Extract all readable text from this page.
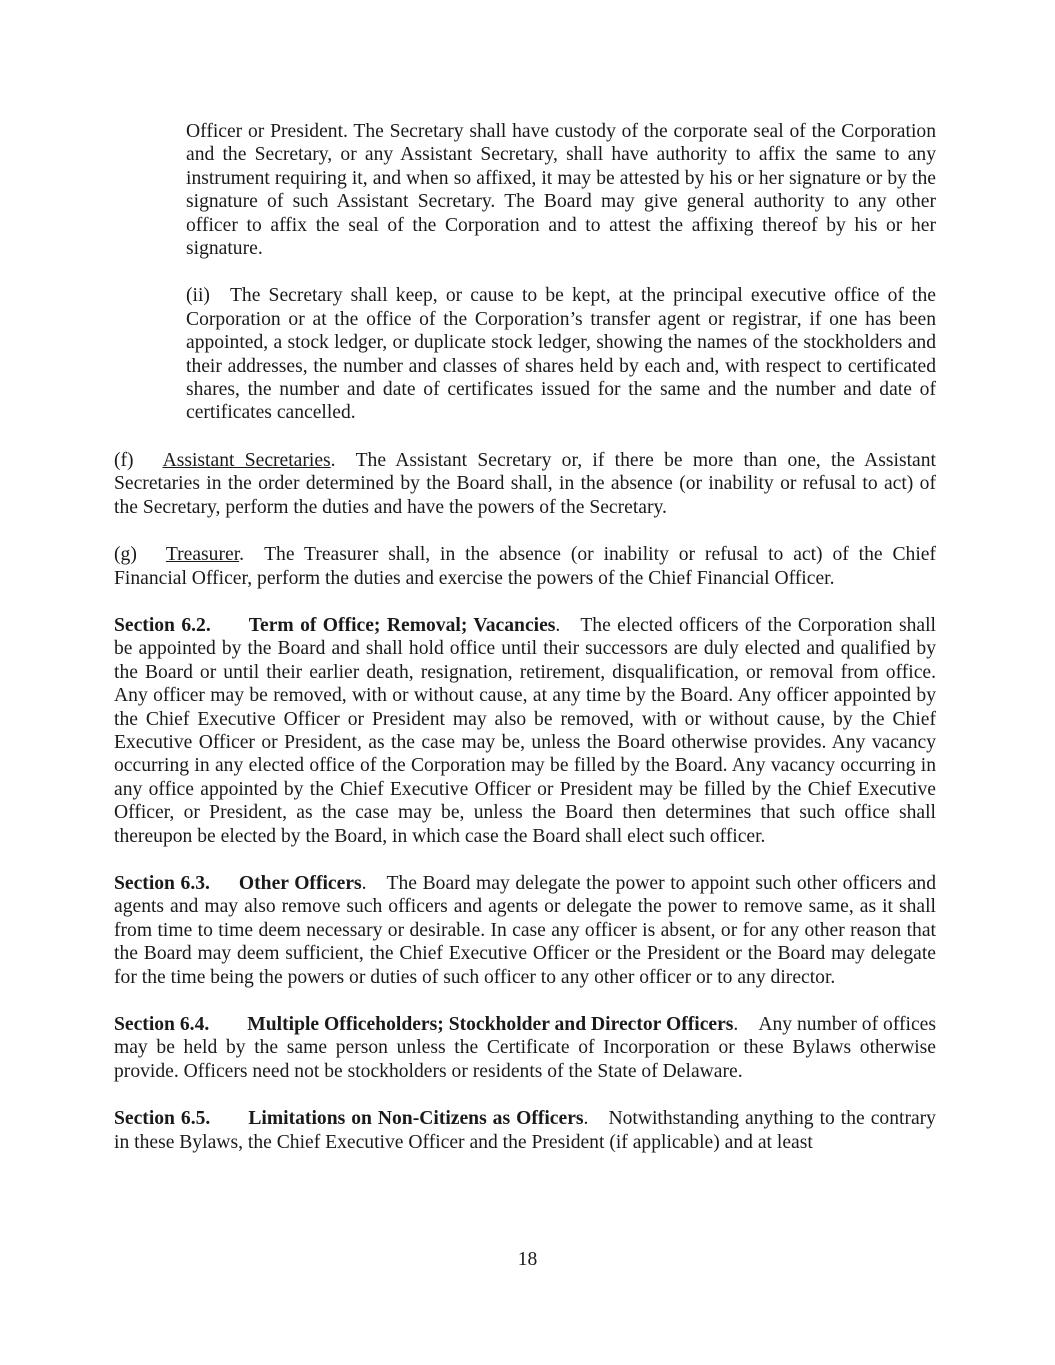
Officer or President. The Secretary shall have custody of the corporate seal of the Corporation and the Secretary, or any Assistant Secretary, shall have authority to affix the same to any instrument requiring it, and when so affixed, it may be attested by his or her signature or by the signature of such Assistant Secretary. The Board may give general authority to any other officer to affix the seal of the Corporation and to attest the affixing thereof by his or her signature.

(ii) The Secretary shall keep, or cause to be kept, at the principal executive office of the Corporation or at the office of the Corporation’s transfer agent or registrar, if one has been appointed, a stock ledger, or duplicate stock ledger, showing the names of the stockholders and their addresses, the number and classes of shares held by each and, with respect to certificated shares, the number and date of certificates issued for the same and the number and date of certificates cancelled.

(f) Assistant Secretaries. The Assistant Secretary or, if there be more than one, the Assistant Secretaries in the order determined by the Board shall, in the absence (or inability or refusal to act) of the Secretary, perform the duties and have the powers of the Secretary.

(g) Treasurer. The Treasurer shall, in the absence (or inability or refusal to act) of the Chief Financial Officer, perform the duties and exercise the powers of the Chief Financial Officer.

Section 6.2. Term of Office; Removal; Vacancies. The elected officers of the Corporation shall be appointed by the Board and shall hold office until their successors are duly elected and qualified by the Board or until their earlier death, resignation, retirement, disqualification, or removal from office. Any officer may be removed, with or without cause, at any time by the Board. Any officer appointed by the Chief Executive Officer or President may also be removed, with or without cause, by the Chief Executive Officer or President, as the case may be, unless the Board otherwise provides. Any vacancy occurring in any elected office of the Corporation may be filled by the Board. Any vacancy occurring in any office appointed by the Chief Executive Officer or President may be filled by the Chief Executive Officer, or President, as the case may be, unless the Board then determines that such office shall thereupon be elected by the Board, in which case the Board shall elect such officer.

Section 6.3. Other Officers. The Board may delegate the power to appoint such other officers and agents and may also remove such officers and agents or delegate the power to remove same, as it shall from time to time deem necessary or desirable. In case any officer is absent, or for any other reason that the Board may deem sufficient, the Chief Executive Officer or the President or the Board may delegate for the time being the powers or duties of such officer to any other officer or to any director.

Section 6.4. Multiple Officeholders; Stockholder and Director Officers. Any number of offices may be held by the same person unless the Certificate of Incorporation or these Bylaws otherwise provide. Officers need not be stockholders or residents of the State of Delaware.

Section 6.5. Limitations on Non-Citizens as Officers. Notwithstanding anything to the contrary in these Bylaws, the Chief Executive Officer and the President (if applicable) and at least

18
